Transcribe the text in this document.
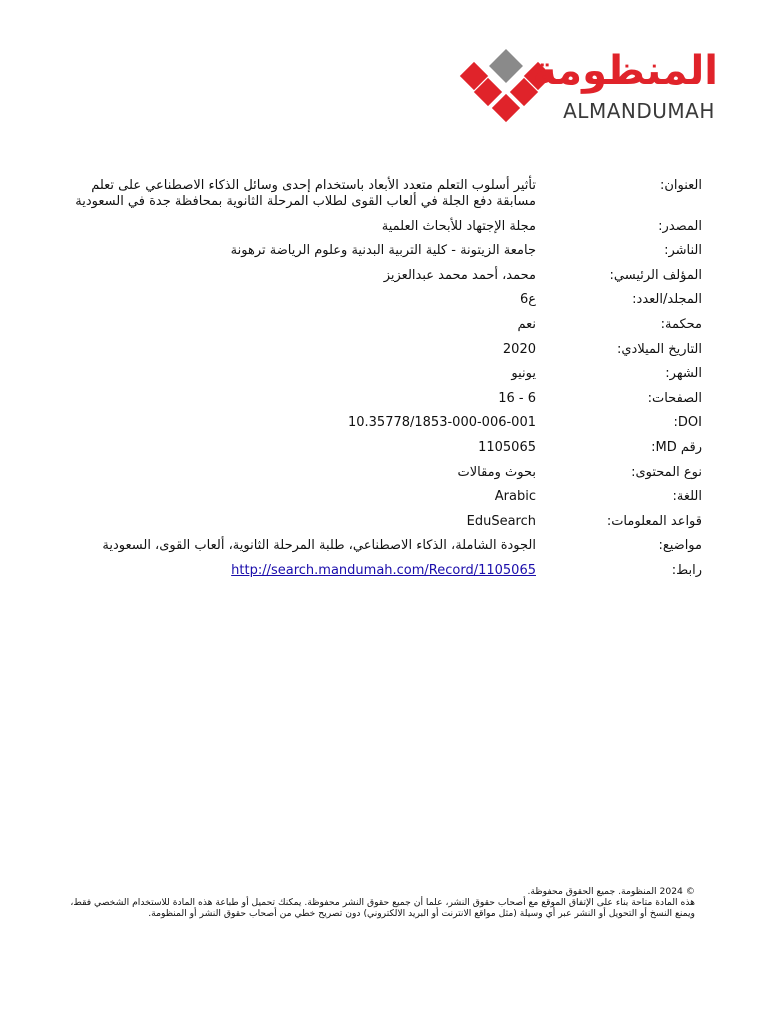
المنظومة
ALMANDUMAH
العنوان:
تأثير أسلوب التعلم متعدد الأبعاد باستخدام إحدى وسائل الذكاء الاصطناعي على تعلم مسابقة دفع الجلة في ألعاب القوى لطلاب المرحلة الثانوية بمحافظة جدة في السعودية
المصدر:
مجلة الإجتهاد للأبحاث العلمية
الناشر:
جامعة الزيتونة - كلية التربية البدنية وعلوم الرياضة ترهونة
المؤلف الرئيسي:
محمد، أحمد محمد عبدالعزيز
المجلد/العدد:
ع6
محكمة:
نعم
التاريخ الميلادي:
2020
الشهر:
يونيو
الصفحات:
6 - 16
DOI:
10.35778/1853-000-006-001
رقم MD:
1105065
نوع المحتوى:
بحوث ومقالات
اللغة:
Arabic
قواعد المعلومات:
EduSearch
مواضيع:
الجودة الشاملة، الذكاء الاصطناعي، طلبة المرحلة الثانوية، ألعاب القوى، السعودية
رابط:
http://search.mandumah.com/Record/1105065

© 2024 المنظومة. جميع الحقوق محفوظة.

هذه المادة متاحة بناء على الإتفاق الموقع مع أصحاب حقوق النشر، علما أن جميع حقوق النشر محفوظة. يمكنك تحميل أو طباعة هذه المادة للاستخدام الشخصي فقط، ويمنع النسخ أو التحويل أو النشر عبر أي وسيلة (مثل مواقع الانترنت أو البريد الالكتروني) دون تصريح خطي من أصحاب حقوق النشر أو المنظومة.
